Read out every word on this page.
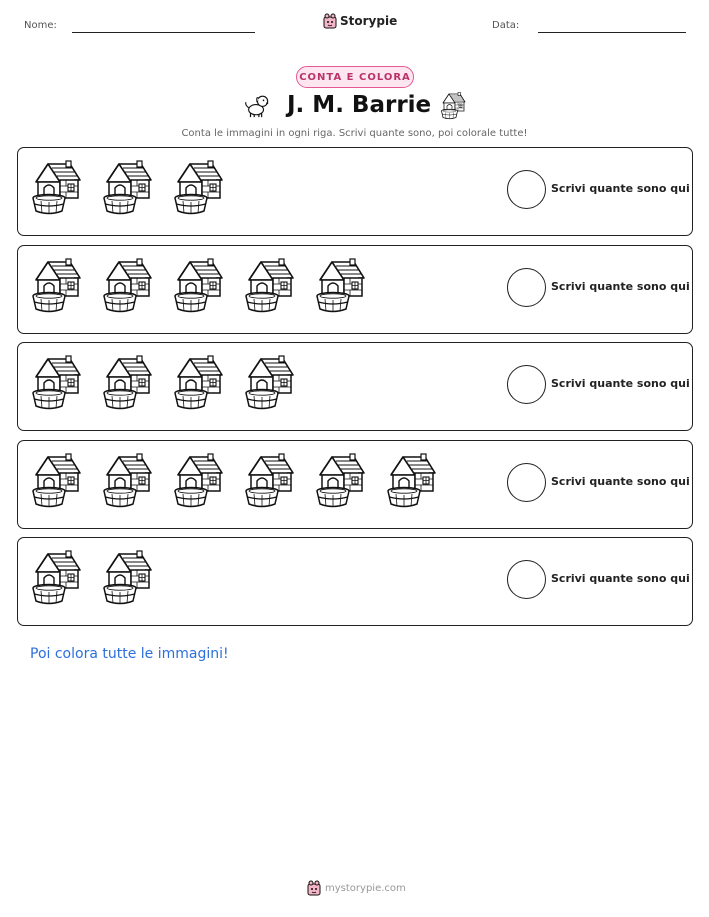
Nome:	Storypie	Data:
CONTA E COLORA
J. M. Barrie
Conta le immagini in ogni riga. Scrivi quante sono, poi colorale tutte!
Scrivi quante sono qui
Scrivi quante sono qui
Scrivi quante sono qui
Scrivi quante sono qui
Scrivi quante sono qui
Poi colora tutte le immagini!
mystorypie.com
